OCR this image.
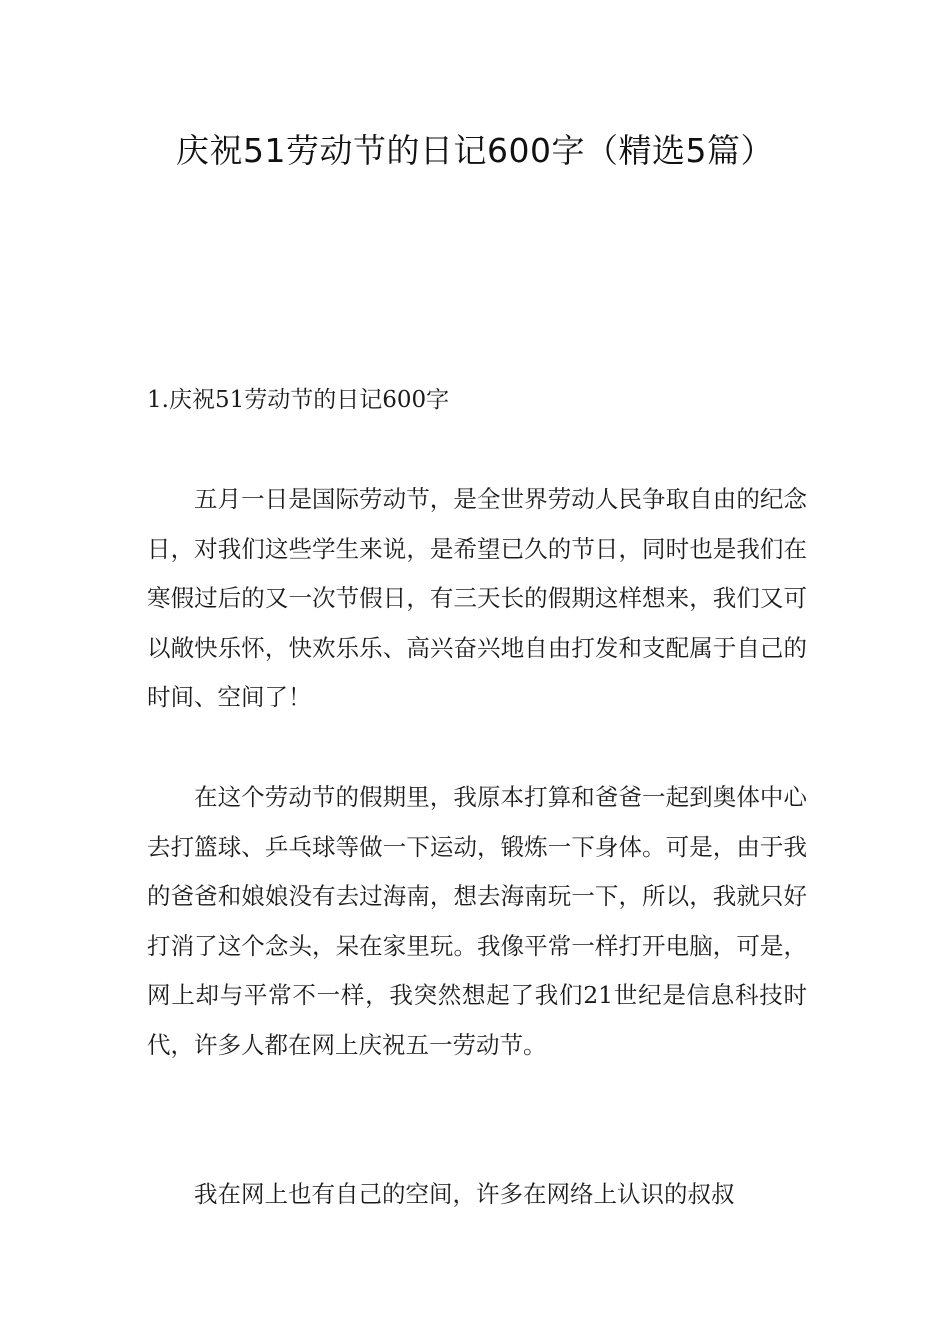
庆祝51劳动节的日记600字（精选5篇）
1.庆祝51劳动节的日记600字

五月一日是国际劳动节，是全世界劳动人民争取自由的纪念日，对我们这些学生来说，是希望已久的节日，同时也是我们在寒假过后的又一次节假日，有三天长的假期这样想来，我们又可以敞快乐怀，快欢乐乐、高兴奋兴地自由打发和支配属于自己的时间、空间了！

在这个劳动节的假期里，我原本打算和爸爸一起到奥体中心去打篮球、乒乓球等做一下运动，锻炼一下身体。可是，由于我的爸爸和娘娘没有去过海南，想去海南玩一下，所以，我就只好打消了这个念头，呆在家里玩。我像平常一样打开电脑，可是，网上却与平常不一样，我突然想起了我们21世纪是信息科技时代，许多人都在网上庆祝五一劳动节。

我在网上也有自己的空间，许多在网络上认识的叔叔
